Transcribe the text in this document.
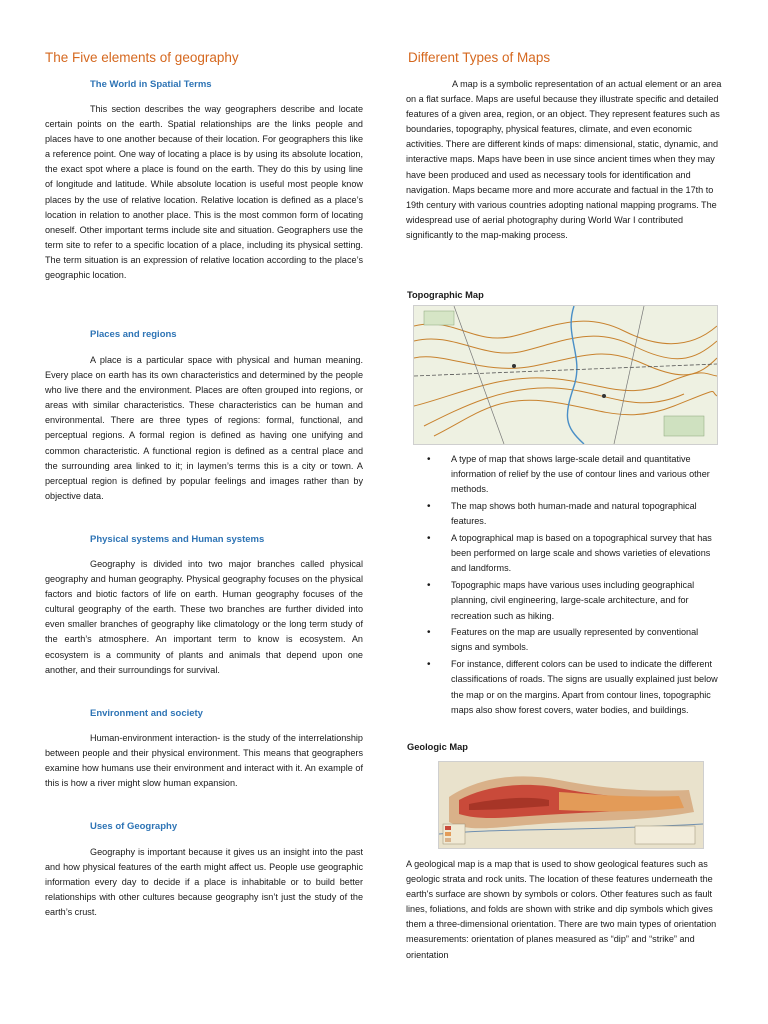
The Five elements of geography
The World in Spatial Terms

This section describes the way geographers describe and locate certain points on the earth. Spatial relationships are the links people and places have to one another because of their location. For geographers this like a reference point. One way of locating a place is by using its absolute location, the exact spot where a place is found on the earth. They do this by using line of longitude and latitude. While absolute location is useful most people know places by the use of relative location. Relative location is defined as a place’s location in relation to another place. This is the most common form of locating oneself. Other important terms include site and situation. Geographers use the term site to refer to a specific location of a place, including its physical setting. The term situation is an expression of relative location according to the place’s geographic location.

Places and regions

A place is a particular space with physical and human meaning. Every place on earth has its own characteristics and determined by the people who live there and the environment. Places are often grouped into regions, or areas with similar characteristics. These characteristics can be human and environmental. There are three types of regions: formal, functional, and perceptual regions. A formal region is defined as having one unifying and common characteristic. A functional region is defined as a central place and the surrounding area linked to it; in laymen’s terms this is a city or town. A perceptual region is defined by popular feelings and images rather than by objective data.

Physical systems and Human systems

Geography is divided into two major branches called physical geography and human geography. Physical geography focuses on the physical factors and biotic factors of life on earth. Human geography focuses of the cultural geography of the earth. These two branches are further divided into even smaller branches of geography like climatology or the long term study of the earth’s atmosphere. An important term to know is ecosystem. An ecosystem is a community of plants and animals that depend upon one another, and their surroundings for survival.

Environment and society

Human-environment interaction- is the study of the interrelationship between people and their physical environment. This means that geographers examine how humans use their environment and interact with it. An example of this is how a river might slow human expansion.

Uses of Geography

Geography is important because it gives us an insight into the past and how physical features of the earth might affect us. People use geographic information every day to decide if a place is inhabitable or to build better relationships with other cultures because geography isn’t just the study of the earth’s crust.

Different Types of Maps

A map is a symbolic representation of an actual element or an area on a flat surface. Maps are useful because they illustrate specific and detailed features of a given area, region, or an object. They represent features such as boundaries, topography, physical features, climate, and even economic activities. There are different kinds of maps: dimensional, static, dynamic, and interactive maps. Maps have been in use since ancient times when they may have been produced and used as necessary tools for identification and navigation. Maps became more and more accurate and factual in the 17th to 19th century with various countries adopting national mapping programs. The widespread use of aerial photography during World War I contributed significantly to the map-making process.

Topographic Map
• A type of map that shows large-scale detail and quantitative information of relief by the use of contour lines and various other methods.
• The map shows both human-made and natural topographical features.
• A topographical map is based on a topographical survey that has been performed on large scale and shows varieties of elevations and landforms.
• Topographic maps have various uses including geographical planning, civil engineering, large-scale architecture, and for recreation such as hiking.
• Features on the map are usually represented by conventional signs and symbols.
• For instance, different colors can be used to indicate the different classifications of roads. The signs are usually explained just below the map or on the margins. Apart from contour lines, topographic maps also show forest covers, water bodies, and buildings.
Geologic Map

A geological map is a map that is used to show geological features such as geologic strata and rock units. The location of these features underneath the earth's surface are shown by symbols or colors. Other features such as fault lines, foliations, and folds are shown with strike and dip symbols which gives them a three-dimensional orientation. There are two main types of orientation measurements: orientation of planes measured as “dip” and “strike” and orientation
